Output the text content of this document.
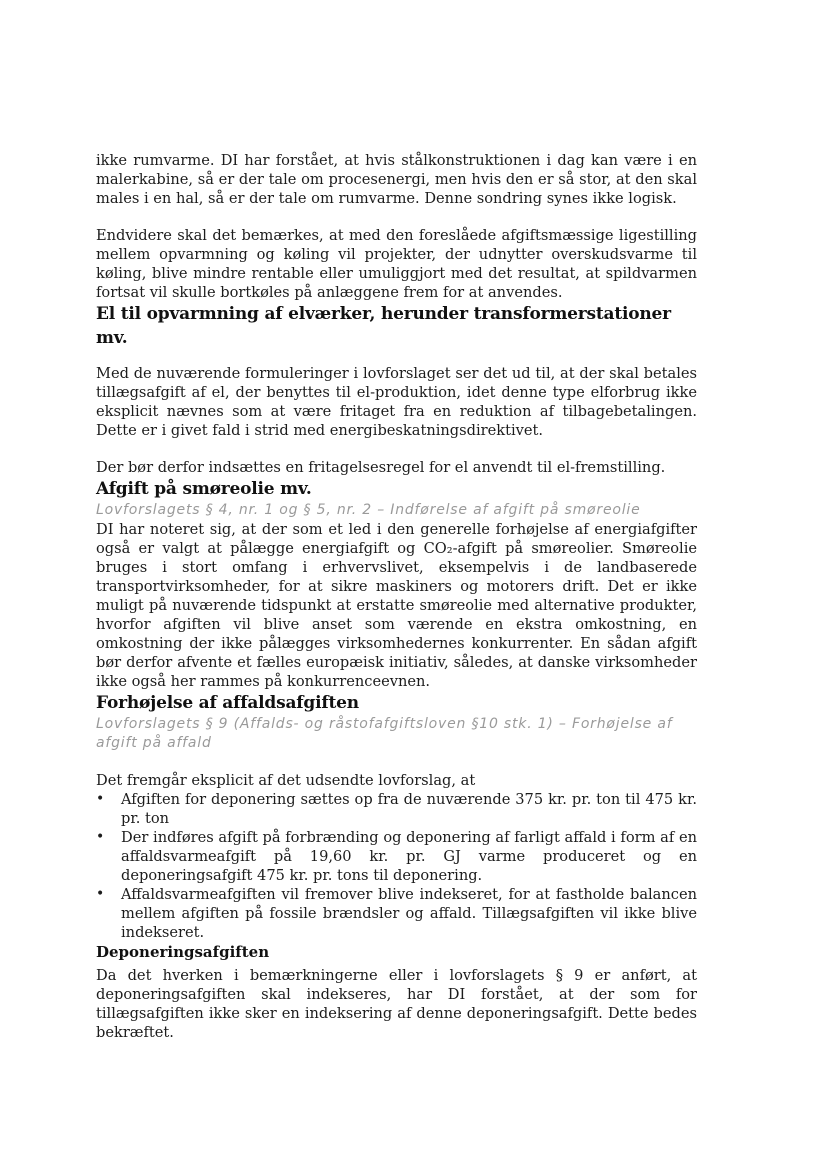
ikke rumvarme. DI har forstået, at hvis stålkonstruktionen i dag kan være i en malerkabine, så er der tale om procesenergi, men hvis den er så stor, at den skal males i en hal, så er der tale om rumvarme. Denne sondring synes ikke logisk.

Endvidere skal det bemærkes, at med den foreslåede afgiftsmæssige ligestilling mellem opvarmning og køling vil projekter, der udnytter overskudsvarme til køling, blive mindre rentable eller umuliggjort med det resultat, at spildvarmen fortsat vil skulle bortkøles på anlæggene frem for at anvendes.

El til opvarmning af elværker, herunder transformerstationer mv.

Med de nuværende formuleringer i lovforslaget ser det ud til, at der skal betales tillægsafgift af el, der benyttes til el-produktion, idet denne type elforbrug ikke eksplicit nævnes som at være fritaget fra en reduktion af tilbagebetalingen. Dette er i givet fald i strid med energibeskatningsdirektivet.

Der bør derfor indsættes en fritagelsesregel for el anvendt til el-fremstilling.

Afgift på smøreolie mv.

Lovforslagets § 4, nr. 1 og § 5, nr. 2 – Indførelse af afgift på smøreolie

DI har noteret sig, at der som et led i den generelle forhøjelse af energiafgifter også er valgt at pålægge energiafgift og CO₂-afgift på smøreolier. Smøreolie bruges i stort omfang i erhvervslivet, eksempelvis i de landbaserede transportvirksomheder, for at sikre maskiners og motorers drift. Det er ikke muligt på nuværende tidspunkt at erstatte smøreolie med alternative produkter, hvorfor afgiften vil blive anset som værende en ekstra omkostning, en omkostning der ikke pålægges virksomhedernes konkurrenter. En sådan afgift bør derfor afvente et fælles europæisk initiativ, således, at danske virksomheder ikke også her rammes på konkurrenceevnen.

Forhøjelse af affaldsafgiften

Lovforslagets § 9 (Affalds- og råstofafgiftsloven §10 stk. 1) – Forhøjelse af afgift på affald

Det fremgår eksplicit af det udsendte lovforslag, at

• Afgiften for deponering sættes op fra de nuværende 375 kr. pr. ton til 475 kr. pr. ton
• Der indføres afgift på forbrænding og deponering af farligt affald i form af en affaldsvarmeafgift på 19,60 kr. pr. GJ varme produceret og en deponeringsafgift 475 kr. pr. tons til deponering.
• Affaldsvarmeafgiften vil fremover blive indekseret, for at fastholde balancen mellem afgiften på fossile brændsler og affald. Tillægsafgiften vil ikke blive indekseret.
Deponeringsafgiften

Da det hverken i bemærkningerne eller i lovforslagets § 9 er anført, at deponeringsafgiften skal indekseres, har DI forstået, at der som for tillægsafgiften ikke sker en indeksering af denne deponeringsafgift. Dette bedes bekræftet.
